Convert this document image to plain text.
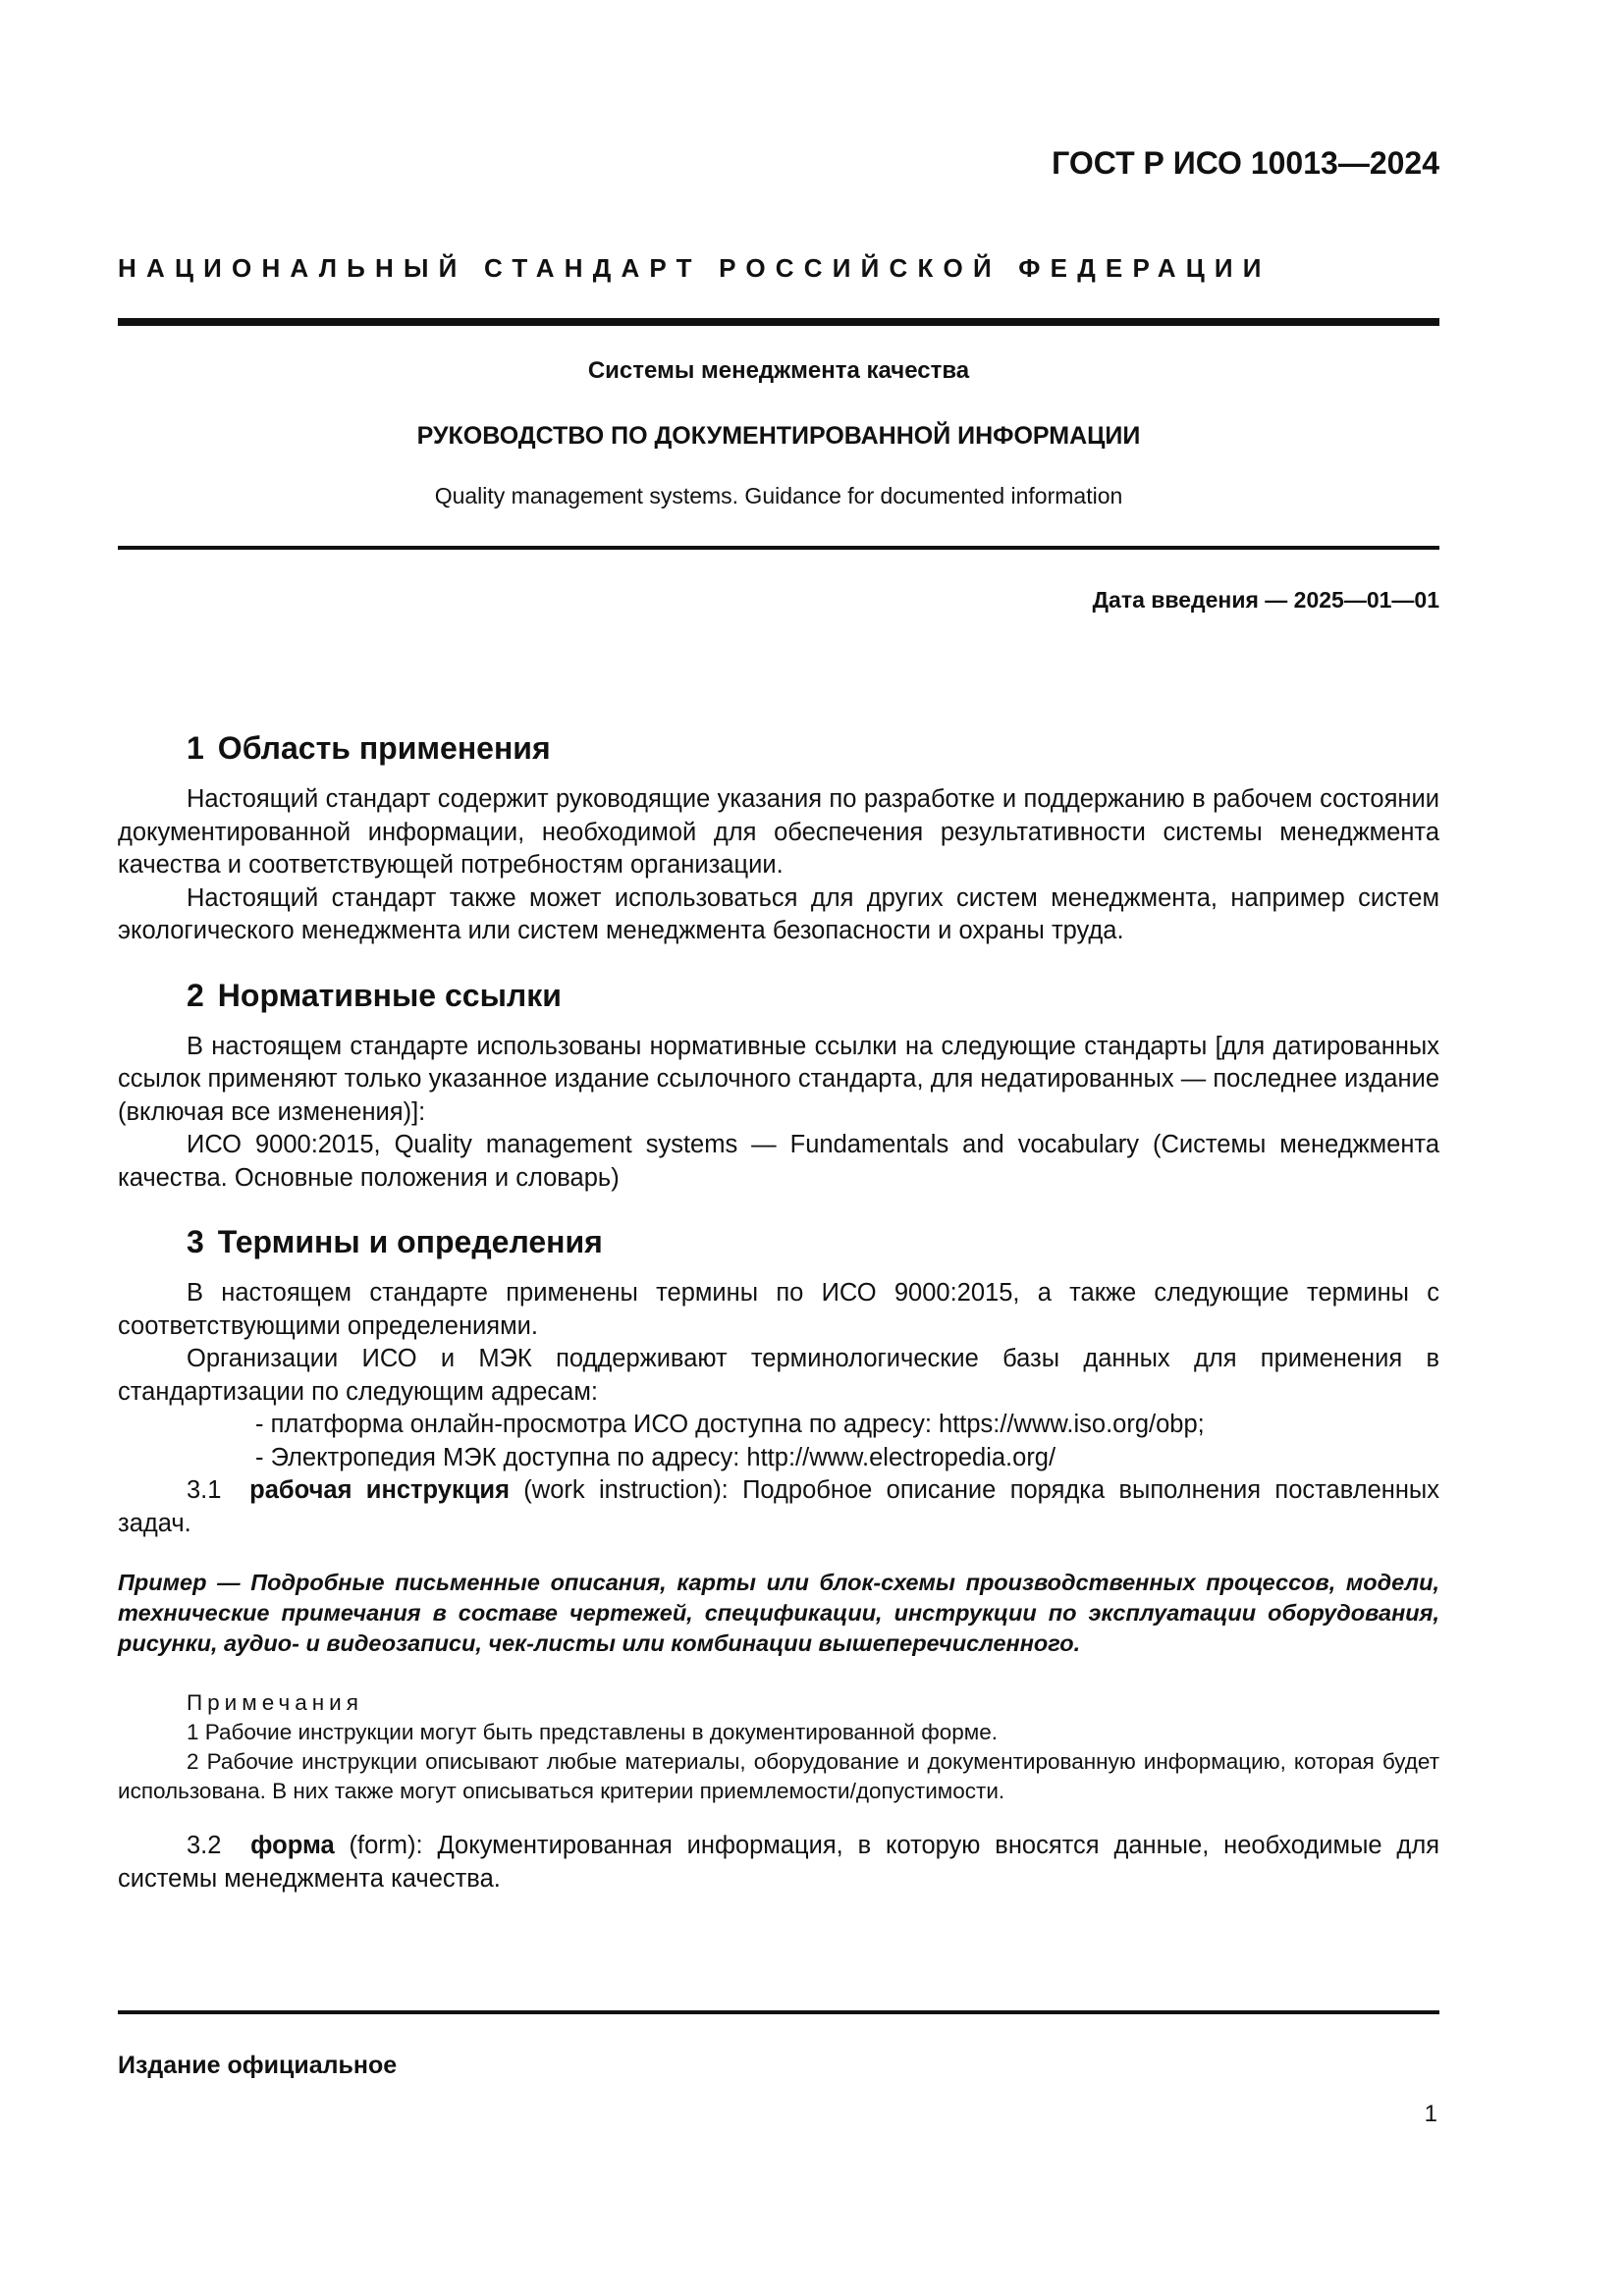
ГОСТ Р ИСО 10013—2024

НАЦИОНАЛЬНЫЙ СТАНДАРТ РОССИЙСКОЙ ФЕДЕРАЦИИ

Системы менеджмента качества

РУКОВОДСТВО ПО ДОКУМЕНТИРОВАННОЙ ИНФОРМАЦИИ

Quality management systems. Guidance for documented information

Дата введения — 2025—01—01

1 Область применения

Настоящий стандарт содержит руководящие указания по разработке и поддержанию в рабочем состоянии документированной информации, необходимой для обеспечения результативности системы менеджмента качества и соответствующей потребностям организации.

Настоящий стандарт также может использоваться для других систем менеджмента, например систем экологического менеджмента или систем менеджмента безопасности и охраны труда.

2 Нормативные ссылки

В настоящем стандарте использованы нормативные ссылки на следующие стандарты [для датированных ссылок применяют только указанное издание ссылочного стандарта, для недатированных — последнее издание (включая все изменения)]:

ИСО 9000:2015, Quality management systems — Fundamentals and vocabulary (Системы менеджмента качества. Основные положения и словарь)

3 Термины и определения

В настоящем стандарте применены термины по ИСО 9000:2015, а также следующие термины с соответствующими определениями.

Организации ИСО и МЭК поддерживают терминологические базы данных для применения в стандартизации по следующим адресам:

- платформа онлайн-просмотра ИСО доступна по адресу: https://www.iso.org/obp;

- Электропедия МЭК доступна по адресу: http://www.electropedia.org/

3.1 рабочая инструкция (work instruction): Подробное описание порядка выполнения поставленных задач.

Пример — Подробные письменные описания, карты или блок-схемы производственных процессов, модели, технические примечания в составе чертежей, спецификации, инструкции по эксплуатации оборудования, рисунки, аудио- и видеозаписи, чек-листы или комбинации вышеперечисленного.
Примечания

1 Рабочие инструкции могут быть представлены в документированной форме.

2 Рабочие инструкции описывают любые материалы, оборудование и документированную информацию, которая будет использована. В них также могут описываться критерии приемлемости/допустимости.

3.2 форма (form): Документированная информация, в которую вносятся данные, необходимые для системы менеджмента качества.

Издание официальное

1
